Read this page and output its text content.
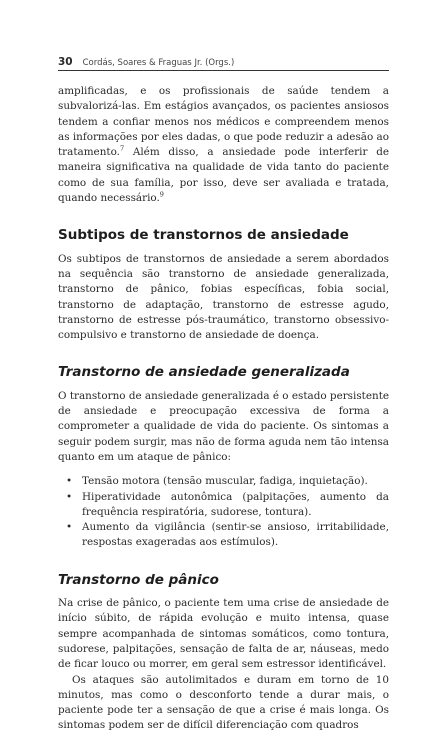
30 Cordás, Soares & Fraguas Jr. (Orgs.)

amplificadas, e os profissionais de saúde tendem a subvalorizá-las. Em estágios avançados, os pacientes ansiosos tendem a confiar menos nos médicos e compreendem menos as informações por eles dadas, o que pode reduzir a adesão ao tratamento.$^7$ Além disso, a ansiedade pode interferir de maneira significativa na qualidade de vida tanto do paciente como de sua família, por isso, deve ser avaliada e tratada, quando necessário.$^9$

Subtipos de transtornos de ansiedade

Os subtipos de transtornos de ansiedade a serem abordados na sequência são transtorno de ansiedade generalizada, transtorno de pânico, fobias específicas, fobia social, transtorno de adaptação, transtorno de estresse agudo, transtorno de estresse pós-traumático, transtorno obsessivo-compulsivo e transtorno de ansiedade de doença.

Transtorno de ansiedade generalizada

O transtorno de ansiedade generalizada é o estado persistente de ansiedade e preocupação excessiva de forma a comprometer a qualidade de vida do paciente. Os sintomas a seguir podem surgir, mas não de forma aguda nem tão intensa quanto em um ataque de pânico:

• Tensão motora (tensão muscular, fadiga, inquietação).
• Hiperatividade autonômica (palpitações, aumento da frequência respiratória, sudorese, tontura).
• Aumento da vigilância (sentir-se ansioso, irritabilidade, respostas exageradas aos estímulos).
Transtorno de pânico

Na crise de pânico, o paciente tem uma crise de ansiedade de início súbito, de rápida evolução e muito intensa, quase sempre acompanhada de sintomas somáticos, como tontura, sudorese, palpitações, sensação de falta de ar, náuseas, medo de ficar louco ou morrer, em geral sem estressor identificável.

Os ataques são autolimitados e duram em torno de 10 minutos, mas como o desconforto tende a durar mais, o paciente pode ter a sensação de que a crise é mais longa. Os sintomas podem ser de difícil diferenciação com quadros
